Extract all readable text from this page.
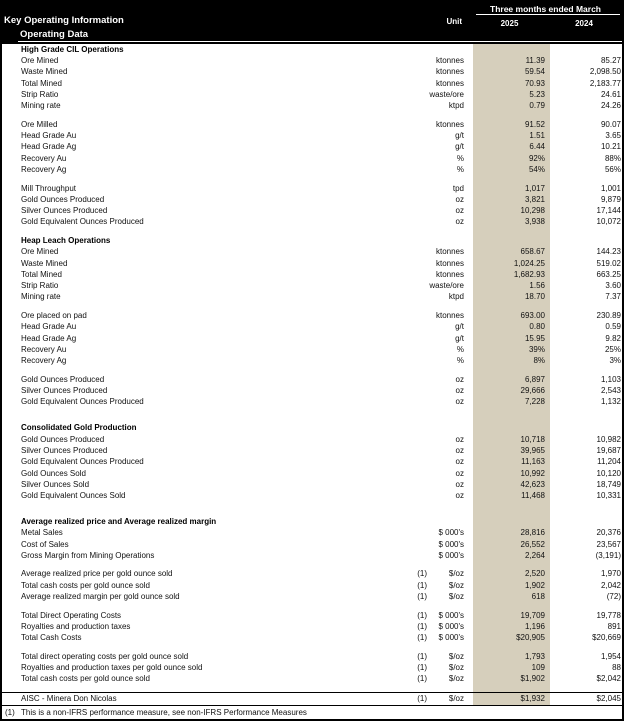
Three months ended March
Key Operating Information	Unit	2025	2024
Operating Data
High Grade CIL Operations
Ore Mined	ktonnes	11.39	85.27
Waste Mined	ktonnes	59.54	2,098.50
Total Mined	ktonnes	70.93	2,183.77
Strip Ratio	waste/ore	5.23	24.61
Mining rate	ktpd	0.79	24.26
Ore Milled	ktonnes	91.52	90.07
Head Grade Au	g/t	1.51	3.65
Head Grade Ag	g/t	6.44	10.21
Recovery Au	%	92%	88%
Recovery Ag	%	54%	56%
Mill Throughput	tpd	1,017	1,001
Gold Ounces Produced	oz	3,821	9,879
Silver Ounces Produced	oz	10,298	17,144
Gold Equivalent Ounces Produced	oz	3,938	10,072
Heap Leach Operations
Ore Mined	ktonnes	658.67	144.23
Waste Mined	ktonnes	1,024.25	519.02
Total Mined	ktonnes	1,682.93	663.25
Strip Ratio	waste/ore	1.56	3.60
Mining rate	ktpd	18.70	7.37
Ore placed on pad	ktonnes	693.00	230.89
Head Grade Au	g/t	0.80	0.59
Head Grade Ag	g/t	15.95	9.82
Recovery Au	%	39%	25%
Recovery Ag	%	8%	3%
Gold Ounces Produced	oz	6,897	1,103
Silver Ounces Produced	oz	29,666	2,543
Gold Equivalent Ounces Produced	oz	7,228	1,132
Consolidated Gold Production
Gold Ounces Produced	oz	10,718	10,982
Silver Ounces Produced	oz	39,965	19,687
Gold Equivalent Ounces Produced	oz	11,163	11,204
Gold Ounces Sold	oz	10,992	10,120
Silver Ounces Sold	oz	42,623	18,749
Gold Equivalent Ounces Sold	oz	11,468	10,331
Average realized price and Average realized margin
Metal Sales	$ 000's	28,816	20,376
Cost of Sales	$ 000's	26,552	23,567
Gross Margin from Mining Operations	$ 000's	2,264	(3,191)
Average realized price per gold ounce sold	(1)	$/oz	2,520	1,970
Total cash costs per gold ounce sold	(1)	$/oz	1,902	2,042
Average realized margin per gold ounce sold	(1)	$/oz	618	(72)
Total Direct Operating Costs	(1)	$ 000's	19,709	19,778
Royalties and production taxes	(1)	$ 000's	1,196	891
Total Cash Costs	(1)	$ 000's	$20,905	$20,669
Total direct operating costs per gold ounce sold	(1)	$/oz	1,793	1,954
Royalties and production taxes per gold ounce sold	(1)	$/oz	109	88
Total cash costs per gold ounce sold	(1)	$/oz	$1,902	$2,042
AISC - Minera Don Nicolas	(1)	$/oz	$1,932	$2,045
(1) This is a non-IFRS performance measure, see non-IFRS Performance Measures
